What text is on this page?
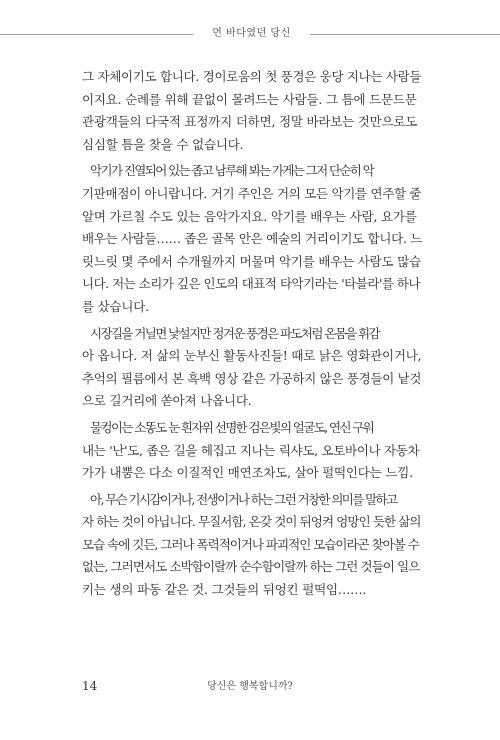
먼 바다였던 당신
그 자체이기도 합니다. 경이로움의 첫 풍경은 웅당 지나는 사람들
이지요. 순례를 위해 끝없이 몰려드는 사람들. 그 틈에 드문드문
관광객들의 다국적 표정까지 더하면, 정말 바라보는 것만으로도
심심할 틈을 찾을 수 없습니다.
악기가 진열되어 있는 좁고 남루해 뵈는 가게는 그저 단순히 악
기판매점이 아니랍니다. 거기 주인은 거의 모든 악기를 연주할 줄
알며 가르칠 수도 있는 음악가지요. 악기를 배우는 사람, 요가를
배우는 사람들…… 좁은 골목 안은 예술의 거리이기도 합니다. 느
릿느릿 몇 주에서 수개월까지 머물며 악기를 배우는 사람도 많습
니다. 저는 소리가 깊은 인도의 대표적 타악기라는 '타블라'를 하나
를 샀습니다.
시장길을 거닐면 낯설지만 정겨운 풍경은 파도처럼 온몸을 휘감
아 옵니다. 저 삶의 눈부신 활동사진들! 때로 낡은 영화관이거나,
추억의 필름에서 본 흑백 영상 같은 가공하지 않은 풍경들이 낱것
으로 길거리에 쏟아져 나옵니다.
물컹이는 소똥도 눈 흰자위 선명한 검은빛의 얼굴도, 연신 구워
내는 '난'도, 좁은 길을 헤집고 지나는 릭샤도, 오토바이나 자동차
가가 내뿜은 다소 이질적인 매연조차도, 살아 펄떡인다는 느낌.
아, 무슨 기시감이거나, 전생이거나 하는 그런 거창한 의미를 말하고
자 하는 것이 아닙니다. 무질서함, 온갖 것이 뒤엉켜 엉망인 듯한 삶의
모습 속에 깃든, 그러나 폭력적이거나 파괴적인 모습이라곤 찾아볼 수
없는, 그러면서도 소박함이랄까 순수함이랄까 하는 그런 것들이 일으
키는 생의 파동 같은 것. 그것들의 뒤엉킨 펄떡임…….
14	당신은 행복합니까?
